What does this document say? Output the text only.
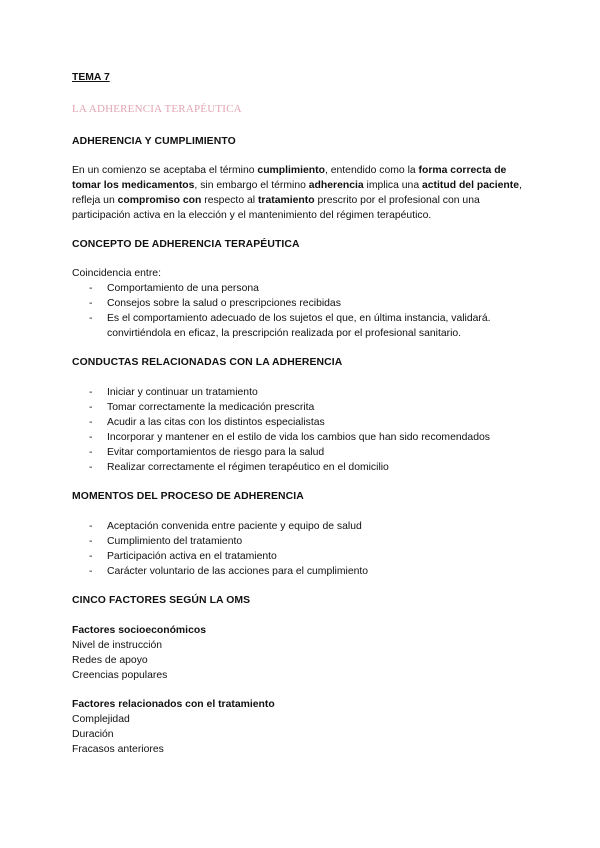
TEMA 7

LA ADHERENCIA TERAPÉUTICA

ADHERENCIA Y CUMPLIMIENTO

En un comienzo se aceptaba el término cumplimiento, entendido como la forma correcta de tomar los medicamentos, sin embargo el término adherencia implica una actitud del paciente, refleja un compromiso con respecto al tratamiento prescrito por el profesional con una participación activa en la elección y el mantenimiento del régimen terapéutico.

CONCEPTO DE ADHERENCIA TERAPÉUTICA

Coincidencia entre:

- Comportamiento de una persona
- Consejos sobre la salud o prescripciones recibidas
- Es el comportamiento adecuado de los sujetos el que, en última instancia, validará. convirtiéndola en eficaz, la prescripción realizada por el profesional sanitario.

CONDUCTAS RELACIONADAS CON LA ADHERENCIA

- Iniciar y continuar un tratamiento
- Tomar correctamente la medicación prescrita
- Acudir a las citas con los distintos especialistas
- Incorporar y mantener en el estilo de vida los cambios que han sido recomendados
- Evitar comportamientos de riesgo para la salud
- Realizar correctamente el régimen terapéutico en el domicilio

MOMENTOS DEL PROCESO DE ADHERENCIA

- Aceptación convenida entre paciente y equipo de salud
- Cumplimiento del tratamiento
- Participación activa en el tratamiento
- Carácter voluntario de las acciones para el cumplimiento

CINCO FACTORES SEGÚN LA OMS

Factores socioeconómicos

Nivel de instrucción

Redes de apoyo

Creencias populares

Factores relacionados con el tratamiento

Complejidad

Duración

Fracasos anteriores
